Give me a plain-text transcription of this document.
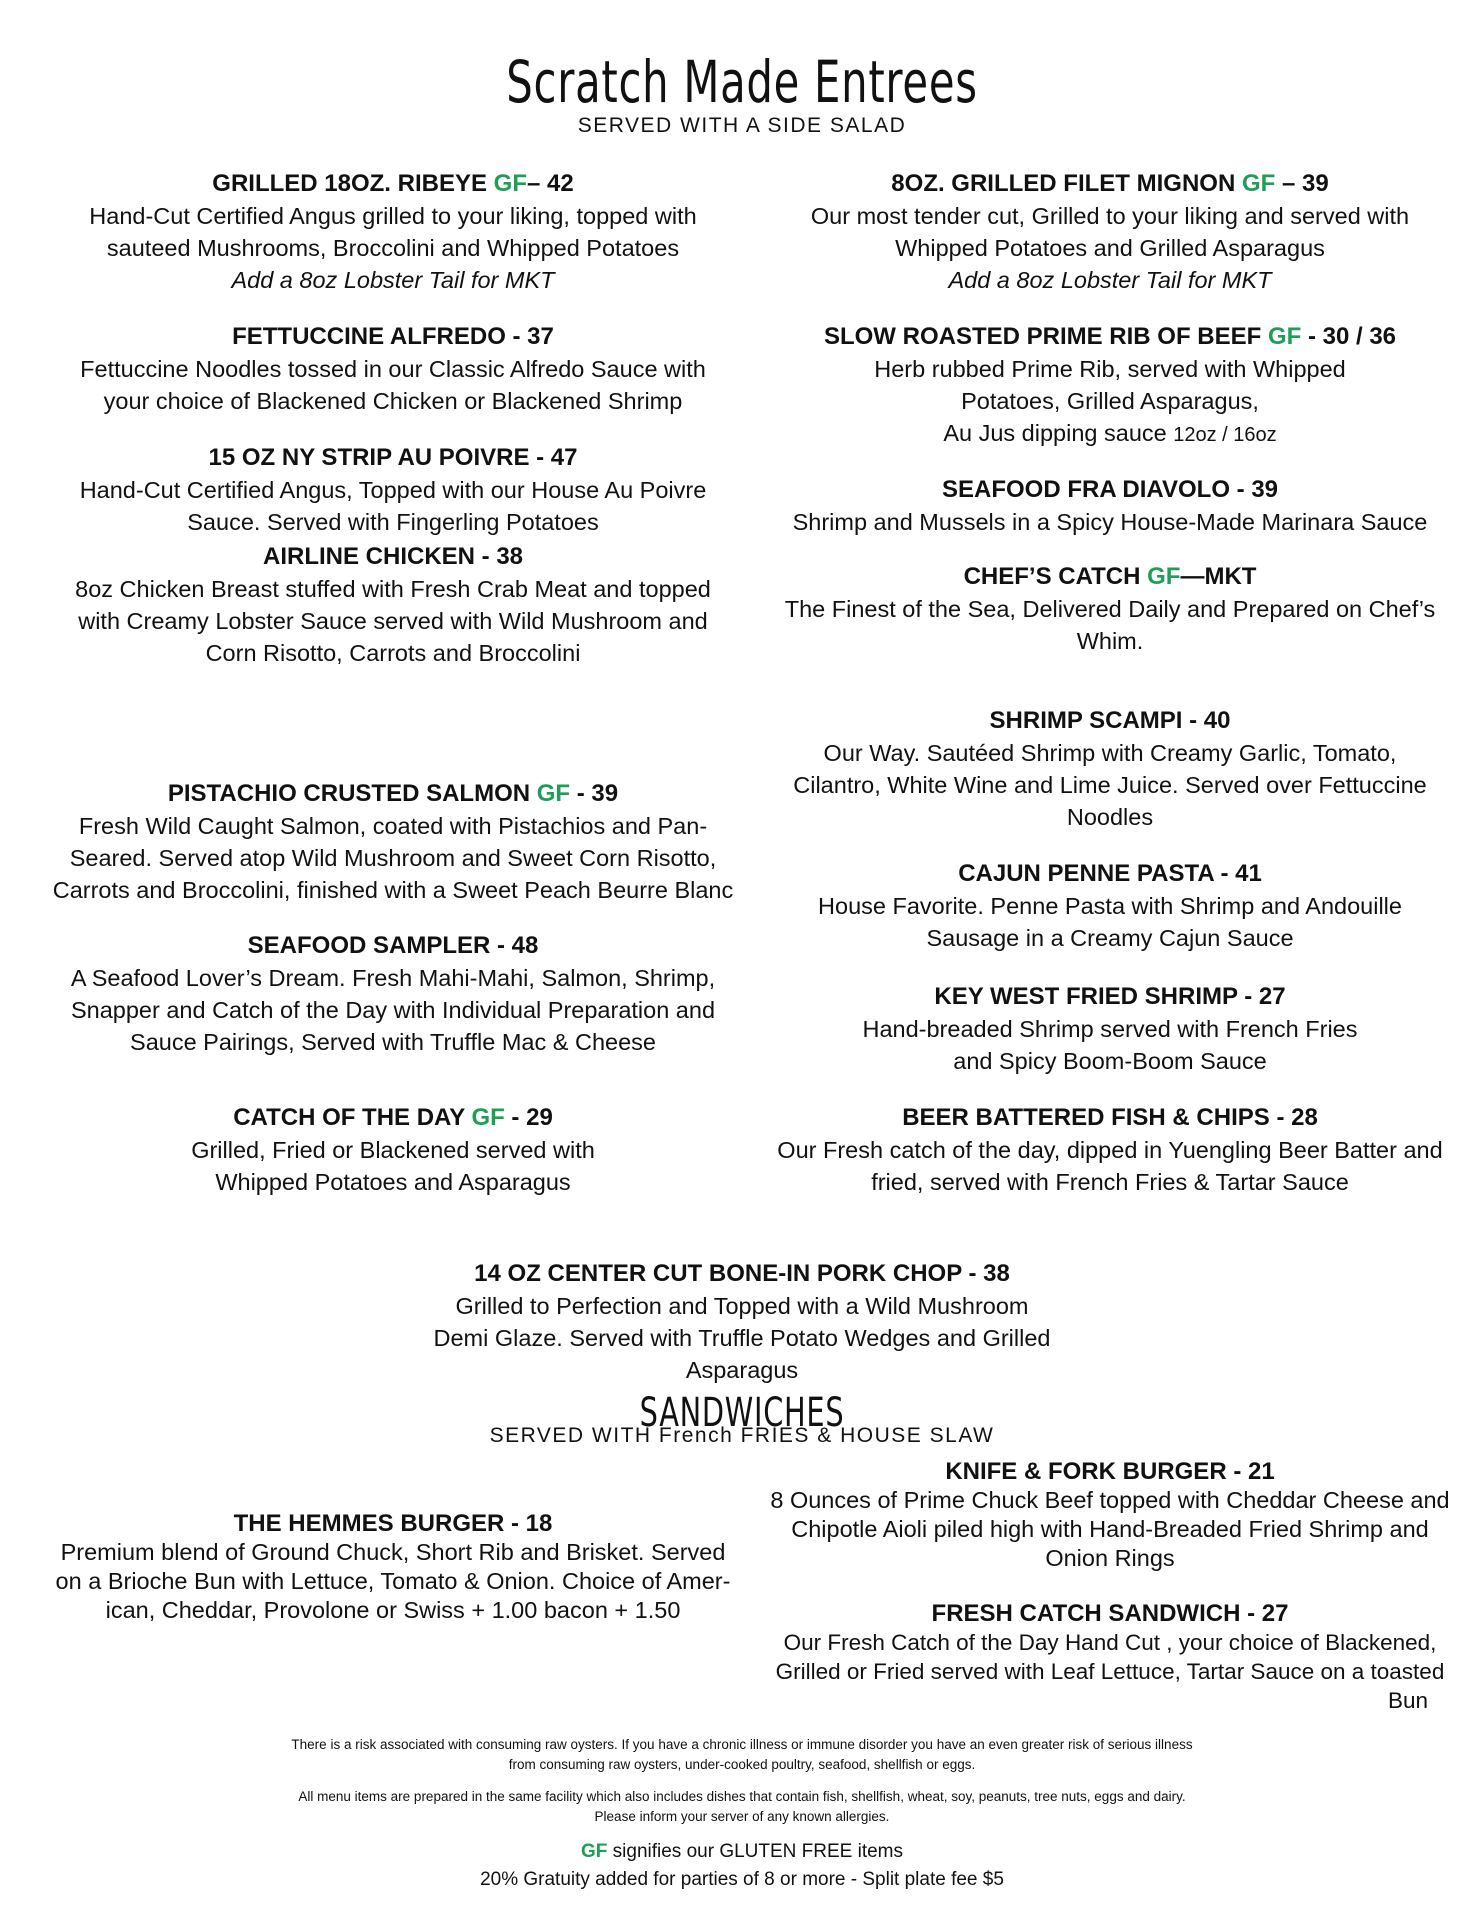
Scratch Made Entrees
SERVED WITH A SIDE SALAD
GRILLED 18OZ. RIBEYE GF– 42
Hand-Cut Certified Angus grilled to your liking, topped with
sauteed Mushrooms, Broccolini and Whipped Potatoes
Add a 8oz Lobster Tail for MKT
8OZ. GRILLED FILET MIGNON GF – 39
Our most tender cut, Grilled to your liking and served with
Whipped Potatoes and Grilled Asparagus
Add a 8oz Lobster Tail for MKT
FETTUCCINE ALFREDO - 37
Fettuccine Noodles tossed in our Classic Alfredo Sauce with
your choice of Blackened Chicken or Blackened Shrimp
SLOW ROASTED PRIME RIB OF BEEF GF - 30 / 36
Herb rubbed Prime Rib, served with Whipped
Potatoes, Grilled Asparagus,
Au Jus dipping sauce 12oz / 16oz
15 OZ NY STRIP AU POIVRE - 47
Hand-Cut Certified Angus, Topped with our House Au Poivre
Sauce. Served with Fingerling Potatoes
SEAFOOD FRA DIAVOLO - 39
Shrimp and Mussels in a Spicy House-Made Marinara Sauce
AIRLINE CHICKEN - 38
8oz Chicken Breast stuffed with Fresh Crab Meat and topped
with Creamy Lobster Sauce served with Wild Mushroom and
Corn Risotto, Carrots and Broccolini
CHEF’S CATCH GF—MKT
The Finest of the Sea, Delivered Daily and Prepared on Chef’s
Whim.
SHRIMP SCAMPI - 40
Our Way. Sautéed Shrimp with Creamy Garlic, Tomato,
Cilantro, White Wine and Lime Juice. Served over Fettuccine
Noodles
PISTACHIO CRUSTED SALMON GF - 39
Fresh Wild Caught Salmon, coated with Pistachios and Pan-
Seared. Served atop Wild Mushroom and Sweet Corn Risotto,
Carrots and Broccolini, finished with a Sweet Peach Beurre Blanc
CAJUN PENNE PASTA - 41
House Favorite. Penne Pasta with Shrimp and Andouille
Sausage in a Creamy Cajun Sauce
SEAFOOD SAMPLER - 48
A Seafood Lover’s Dream. Fresh Mahi-Mahi, Salmon, Shrimp,
Snapper and Catch of the Day with Individual Preparation and
Sauce Pairings, Served with Truffle Mac & Cheese
KEY WEST FRIED SHRIMP - 27
Hand-breaded Shrimp served with French Fries
and Spicy Boom-Boom Sauce
CATCH OF THE DAY GF - 29
Grilled, Fried or Blackened served with
Whipped Potatoes and Asparagus
BEER BATTERED FISH & CHIPS - 28
Our Fresh catch of the day, dipped in Yuengling Beer Batter and
fried, served with French Fries & Tartar Sauce
14 OZ CENTER CUT BONE-IN PORK CHOP - 38
Grilled to Perfection and Topped with a Wild Mushroom
Demi Glaze. Served with Truffle Potato Wedges and Grilled
Asparagus
SANDWICHES
SERVED WITH French FRIES & HOUSE SLAW
KNIFE & FORK BURGER - 21
8 Ounces of Prime Chuck Beef topped with Cheddar Cheese and
Chipotle Aioli piled high with Hand-Breaded Fried Shrimp and
Onion Rings
THE HEMMES BURGER - 18
Premium blend of Ground Chuck, Short Rib and Brisket. Served
on a Brioche Bun with Lettuce, Tomato & Onion. Choice of Amer-
ican, Cheddar, Provolone or Swiss + 1.00 bacon + 1.50	FRESH CATCH SANDWICH - 27
Our Fresh Catch of the Day Hand Cut , your choice of Blackened,
Grilled or Fried served with Leaf Lettuce, Tartar Sauce on a toasted
Bun
There is a risk associated with consuming raw oysters. If you have a chronic illness or immune disorder you have an even greater risk of serious illness
from consuming raw oysters, under-cooked poultry, seafood, shellfish or eggs.
All menu items are prepared in the same facility which also includes dishes that contain fish, shellfish, wheat, soy, peanuts, tree nuts, eggs and dairy.
Please inform your server of any known allergies.
GF signifies our GLUTEN FREE items
20% Gratuity added for parties of 8 or more - Split plate fee $5
